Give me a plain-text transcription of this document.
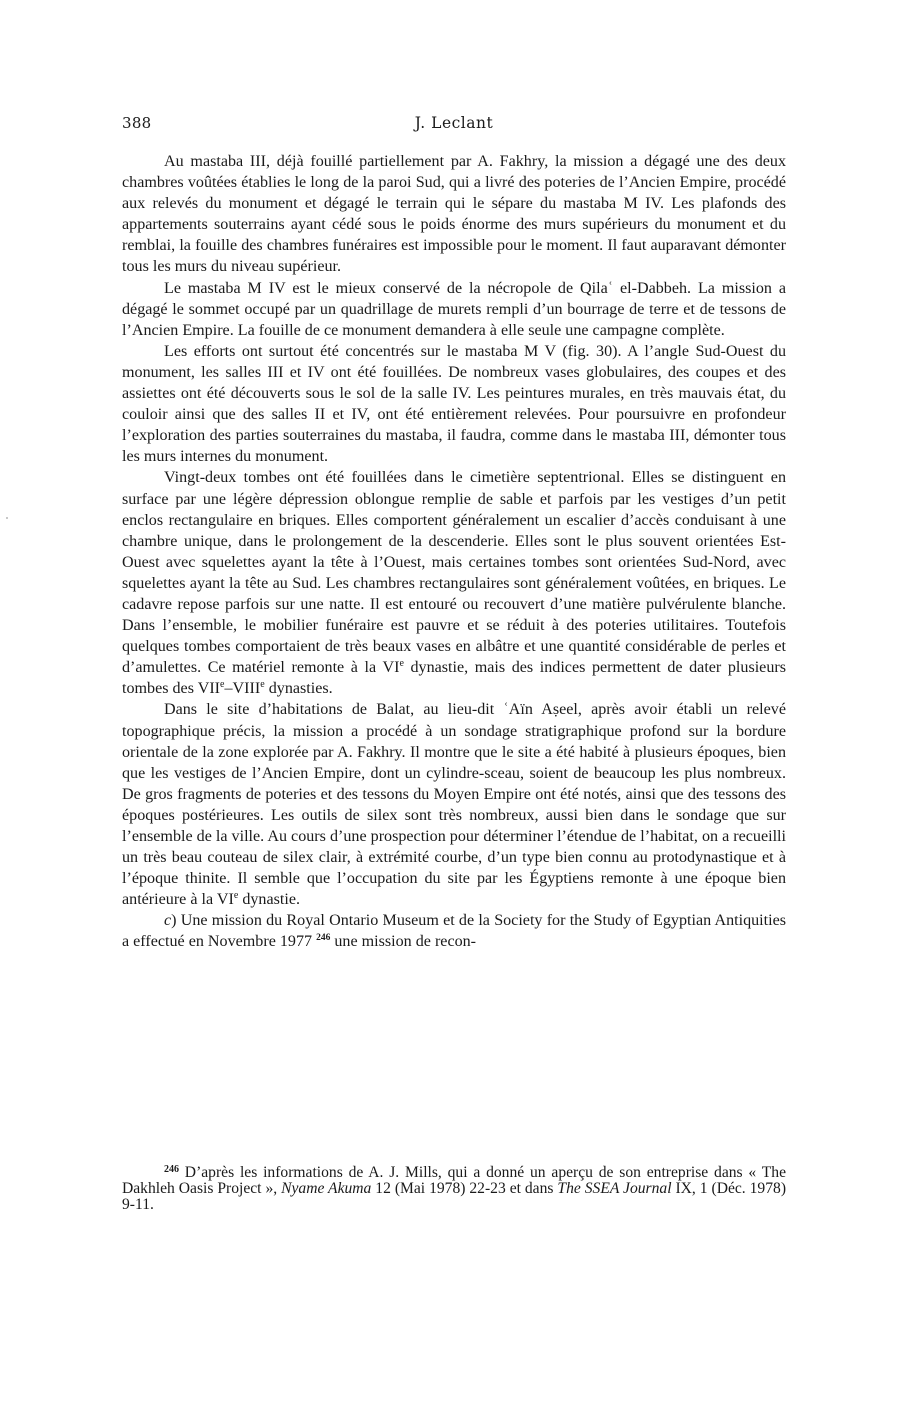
388	J. Leclant

Au mastaba III, déjà fouillé partiellement par A. Fakhry, la mission a dégagé une des deux chambres voûtées établies le long de la paroi Sud, qui a livré des poteries de l’Ancien Empire, procédé aux relevés du monument et dégagé le terrain qui le sépare du mastaba M IV. Les plafonds des appartements souterrains ayant cédé sous le poids énorme des murs supérieurs du monument et du remblai, la fouille des chambres funéraires est impossible pour le moment. Il faut auparavant démonter tous les murs du niveau supérieur.

Le mastaba M IV est le mieux conservé de la nécropole de Qilaʿ el-Dabbeh. La mission a dégagé le sommet occupé par un quadrillage de murets rempli d’un bourrage de terre et de tessons de l’Ancien Empire. La fouille de ce monument demandera à elle seule une campagne complète.

Les efforts ont surtout été concentrés sur le mastaba M V (fig. 30). A l’angle Sud-Ouest du monument, les salles III et IV ont été fouillées. De nombreux vases globulaires, des coupes et des assiettes ont été découverts sous le sol de la salle IV. Les peintures murales, en très mauvais état, du couloir ainsi que des salles II et IV, ont été entièrement relevées. Pour poursuivre en profondeur l’exploration des parties souterraines du mastaba, il faudra, comme dans le mastaba III, démonter tous les murs internes du monument.

Vingt-deux tombes ont été fouillées dans le cimetière septentrional. Elles se distinguent en surface par une légère dépression oblongue remplie de sable et parfois par les vestiges d’un petit enclos rectangulaire en briques. Elles comportent généralement un escalier d’accès conduisant à une chambre unique, dans le prolongement de la descenderie. Elles sont le plus souvent orientées Est-Ouest avec squelettes ayant la tête à l’Ouest, mais certaines tombes sont orientées Sud-Nord, avec squelettes ayant la tête au Sud. Les chambres rectangulaires sont généralement voûtées, en briques. Le cadavre repose parfois sur une natte. Il est entouré ou recouvert d’une matière pulvérulente blanche. Dans l’ensemble, le mobilier funéraire est pauvre et se réduit à des poteries utilitaires. Toutefois quelques tombes comportaient de très beaux vases en albâtre et une quantité considérable de perles et d’amulettes. Ce matériel remonte à la VIe dynastie, mais des indices permettent de dater plusieurs tombes des VIIe–VIIIe dynasties.

Dans le site d’habitations de Balat, au lieu-dit ʿAïn Aṣeel, après avoir établi un relevé topographique précis, la mission a procédé à un sondage stratigraphique profond sur la bordure orientale de la zone explorée par A. Fakhry. Il montre que le site a été habité à plusieurs époques, bien que les vestiges de l’Ancien Empire, dont un cylindre-sceau, soient de beaucoup les plus nombreux. De gros fragments de poteries et des tessons du Moyen Empire ont été notés, ainsi que des tessons des époques postérieures. Les outils de silex sont très nombreux, aussi bien dans le sondage que sur l’ensemble de la ville. Au cours d’une prospection pour déterminer l’étendue de l’habitat, on a recueilli un très beau couteau de silex clair, à extrémité courbe, d’un type bien connu au protodynastique et à l’époque thinite. Il semble que l’occupation du site par les Égyptiens remonte à une époque bien antérieure à la VIe dynastie.

c) Une mission du Royal Ontario Museum et de la Society for the Study of Egyptian Antiquities a effectué en Novembre 1977 $^{246}$ une mission de recon-

$^{246}$ D’après les informations de A. J. Mills, qui a donné un aperçu de son entreprise dans « The Dakhleh Oasis Project », Nyame Akuma 12 (Mai 1978) 22-23 et dans The SSEA Journal IX, 1 (Déc. 1978) 9-11.
